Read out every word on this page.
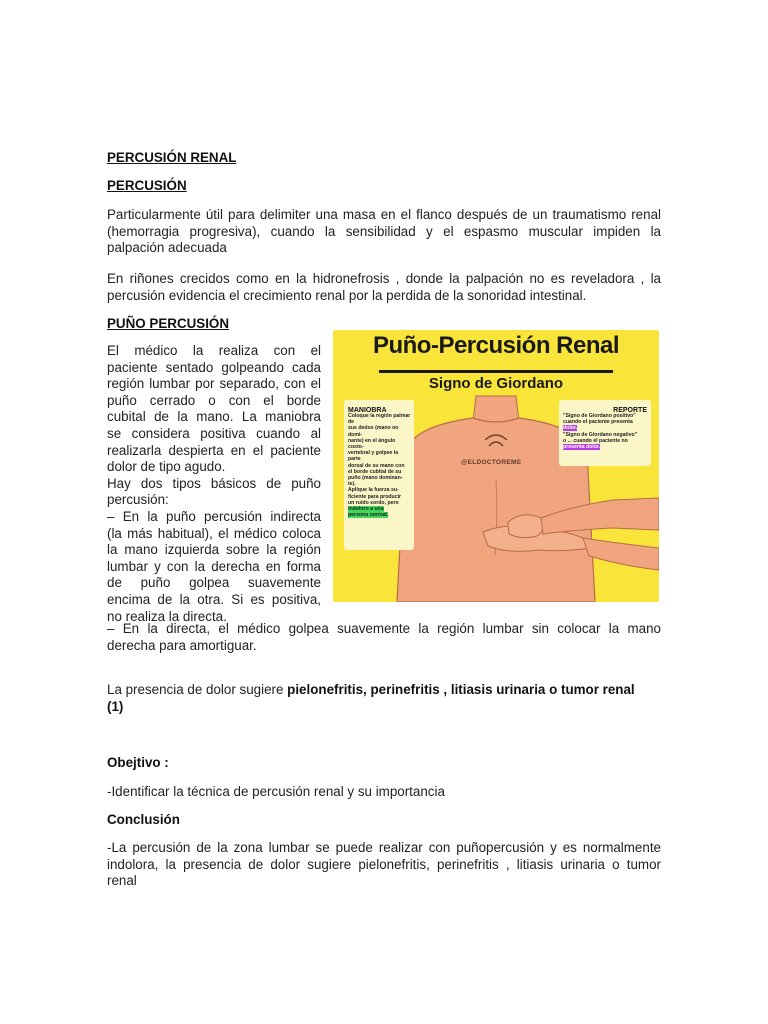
PERCUSIÓN RENAL
PERCUSIÓN
Particularmente útil para delimiter una masa en el flanco después de un traumatismo renal
(hemorragia progresiva), cuando la sensibilidad y el espasmo muscular impiden la
palpación adecuada
En riñones crecidos como en la hidronefrosis , donde la palpación no es reveladora , la
percusión evidencia el crecimiento renal por la perdida de la sonoridad intestinal.
PUÑO PERCUSIÓN
El médico la realiza con el
paciente sentado golpeando cada
región lumbar por separado, con el
puño cerrado o con el borde
cubital de la mano. La maniobra
se considera positiva cuando al
realizarla despierta en el paciente
dolor de tipo agudo.
Hay dos tipos básicos de puño
percusión:
– En la puño percusión indirecta
(la más habitual), el médico coloca
la mano izquierda sobre la región
lumbar y con la derecha en forma
de puño golpea suavemente
encima de la otra. Si es positiva,
no realiza la directa.
– En la directa, el médico golpea suavemente la región lumbar sin colocar la mano
derecha para amortiguar.
La presencia de dolor sugiere pielonefritis, perinefritis , litiasis urinaria o tumor renal
(1)
Obejtivo :
-Identificar la técnica de percusión renal y su importancia
Conclusión
-La percusión de la zona lumbar se puede realizar con puñopercusión y es normalmente
indolora, la presencia de dolor sugiere pielonefritis, perinefritis , litiasis urinaria o tumor
renal
Puño-Percusión Renal
Signo de Giordano
@ELDOCTOREME
MANIOBRA
Coloque la región palmar de
sus dedos (mano no domi-
nante) en el ángulo costo-
vertebral y golpee la parte
dorsal de su mano con
el borde cubital de su
puño (mano dominan-
te).
Aplique la fuerza su-
ficiente para producir
un ruido sordo, pero
indoloro a una
persona normal.
REPORTE
"Signo de Giordano positivo"
cuando el paciente presenta
dolor.
"Signo de Giordano negativo"
o ... cuando el paciente no
presenta dolor.
